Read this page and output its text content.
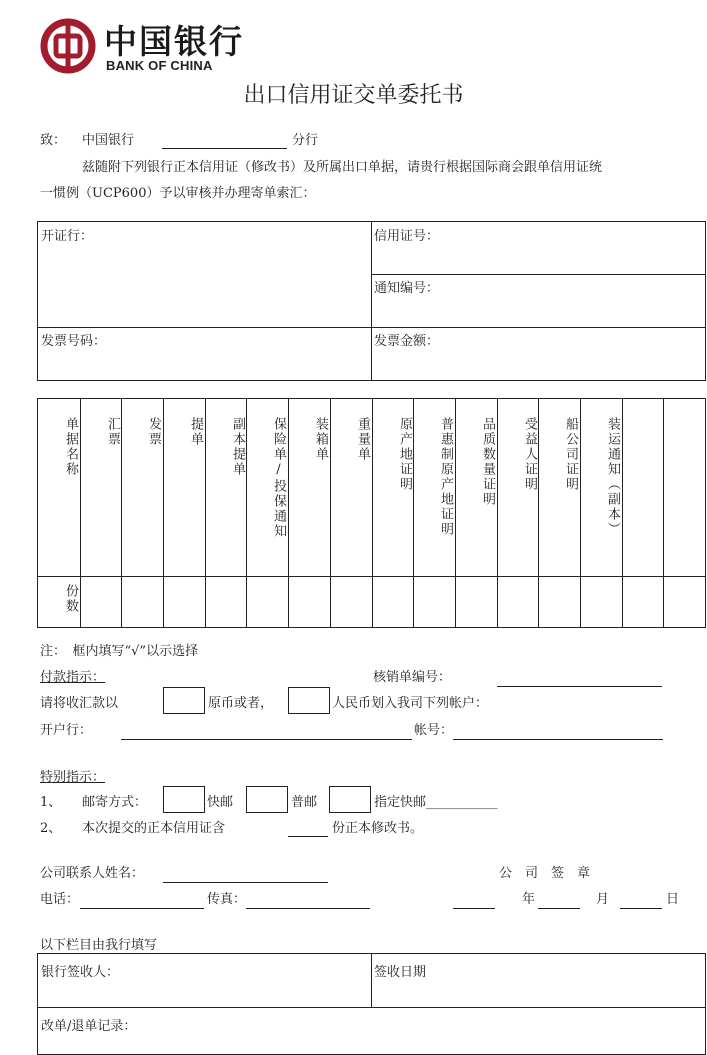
中国银行
BANK OF CHINA
出口信用证交单委托书
致： 中国银行	分行
兹随附下列银行正本信用证（修改书）及所属出口单据，请贵行根据国际商会跟单信用证统
一惯例（UCP600）予以审核并办理寄单索汇：
开证行：	信用证号：
通知编号：
发票号码：	发票金额：
单据名称	汇票	发票	提单	副本提单	保险单/投保通知	装箱单	重量单	原产地证明	普惠制原产地证明	品质数量证明	受益人证明	船公司证明	装运通知（副本）
份数
注：　框内填写“√”以示选择
付款指示：	核销单编号：
请将收汇款以	原币或者，	人民币划入我司下列帐户：
开户行：	帐号：
特别指示：
1、 邮寄方式：	快邮	普邮	指定快邮___________
2、 本次提交的正本信用证含	份正本修改书。
公司联系人姓名：	公　司　签　章
电话：	传真：	年	月	日
以下栏目由我行填写
银行签收人：	签收日期
改单/退单记录：
